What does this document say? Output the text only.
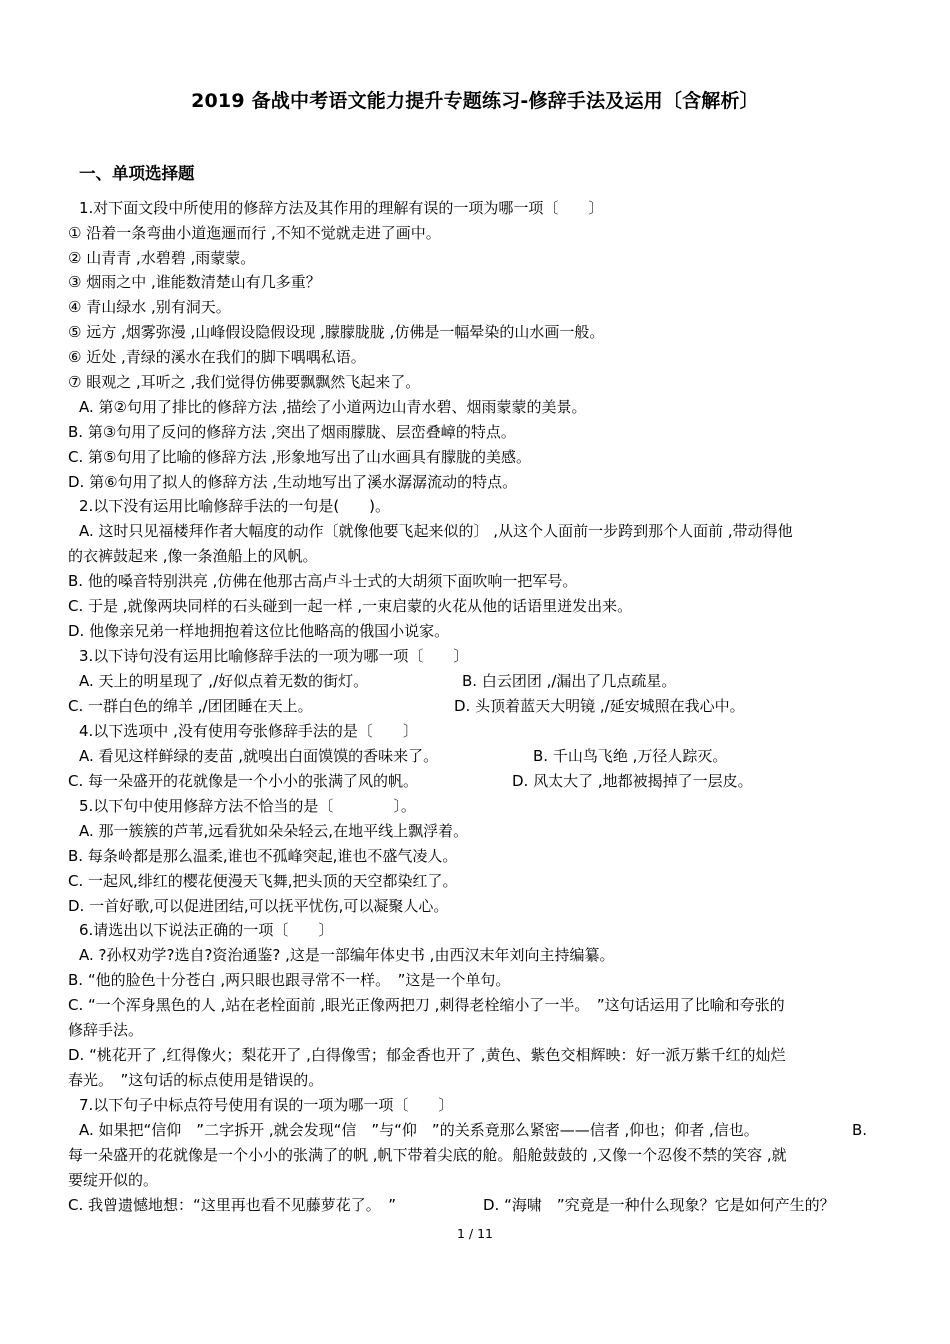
2019 备战中考语文能力提升专题练习-修辞手法及运用〔含解析〕
一、单项选择题
1.对下面文段中所使用的修辞方法及其作用的理解有误的一项为哪一项〔　　〕
① 沿着一条弯曲小道迤逦而行 ,不知不觉就走进了画中。
② 山青青 ,水碧碧 ,雨蒙蒙。
③ 烟雨之中 ,谁能数清楚山有几多重？
④ 青山绿水 ,别有洞天。
⑤ 远方 ,烟雾弥漫 ,山峰假设隐假设现 ,朦朦胧胧 ,仿佛是一幅晕染的山水画一般。
⑥ 近处 ,青绿的溪水在我们的脚下喁喁私语。
⑦ 眼观之 ,耳听之 ,我们觉得仿佛要飘飘然飞起来了。
A. 第②句用了排比的修辞方法 ,描绘了小道两边山青水碧、烟雨蒙蒙的美景。
B. 第③句用了反问的修辞方法 ,突出了烟雨朦胧、层峦叠嶂的特点。
C. 第⑤句用了比喻的修辞方法 ,形象地写出了山水画具有朦胧的美感。
D. 第⑥句用了拟人的修辞方法 ,生动地写出了溪水潺潺流动的特点。
2.以下没有运用比喻修辞手法的一句是(　　)。
A. 这时只见福楼拜作者大幅度的动作〔就像他要飞起来似的〕 ,从这个人面前一步跨到那个人面前 ,带动得他
的衣裤鼓起来 ,像一条渔船上的风帆。
B. 他的嗓音特别洪亮 ,仿佛在他那古高卢斗士式的大胡须下面吹响一把军号。
C. 于是 ,就像两块同样的石头碰到一起一样 ,一束启蒙的火花从他的话语里迸发出来。
D. 他像亲兄弟一样地拥抱着这位比他略高的俄国小说家。
3.以下诗句没有运用比喻修辞手法的一项为哪一项〔　　〕
A. 天上的明星现了 ,/好似点着无数的街灯。	B. 白云团团 ,/漏出了几点疏星。
C. 一群白色的绵羊 ,/团团睡在天上。	D. 头顶着蓝天大明镜 ,/延安城照在我心中。
4.以下选项中 ,没有使用夸张修辞手法的是〔　　〕
A. 看见这样鲜绿的麦苗 ,就嗅出白面馍馍的香味来了。	B. 千山鸟飞绝 ,万径人踪灭。
C. 每一朵盛开的花就像是一个小小的张满了风的帆。	D. 风太大了 ,地都被揭掉了一层皮。
5.以下句中使用修辞方法不恰当的是〔　　　　〕。
A. 那一簇簇的芦苇,远看犹如朵朵轻云,在地平线上飘浮着。
B. 每条岭都是那么温柔,谁也不孤峰突起,谁也不盛气凌人。
C. 一起风,绯红的樱花便漫天飞舞,把头顶的天空都染红了。
D. 一首好歌,可以促进团结,可以抚平忧伤,可以凝聚人心。
6.请选出以下说法正确的一项〔　　〕
A. ?孙权劝学?选自?资治通鉴? ,这是一部编年体史书 ,由西汉末年刘向主持编纂。
B. “他的脸色十分苍白 ,两只眼也跟寻常不一样。　”这是一个单句。
C. “一个浑身黑色的人 ,站在老栓面前 ,眼光正像两把刀 ,刺得老栓缩小了一半。　”这句话运用了比喻和夸张的
修辞手法。
D. “桃花开了 ,红得像火；梨花开了 ,白得像雪；郁金香也开了 ,黄色、紫色交相辉映：好一派万紫千红的灿烂
春光。　”这句话的标点使用是错误的。
7.以下句子中标点符号使用有误的一项为哪一项〔　　〕
A. 如果把“信仰　”二字拆开 ,就会发现“信　”与“仰　”的关系竟那么紧密——信者 ,仰也；仰者 ,信也。	B.
每一朵盛开的花就像是一个小小的张满了的帆 ,帆下带着尖底的舱。船舱鼓鼓的 ,又像一个忍俊不禁的笑容 ,就
要绽开似的。
C. 我曾遗憾地想：“这里再也看不见藤萝花了。　”	D. “海啸　”究竟是一种什么现象？它是如何产生的？
1 / 11
